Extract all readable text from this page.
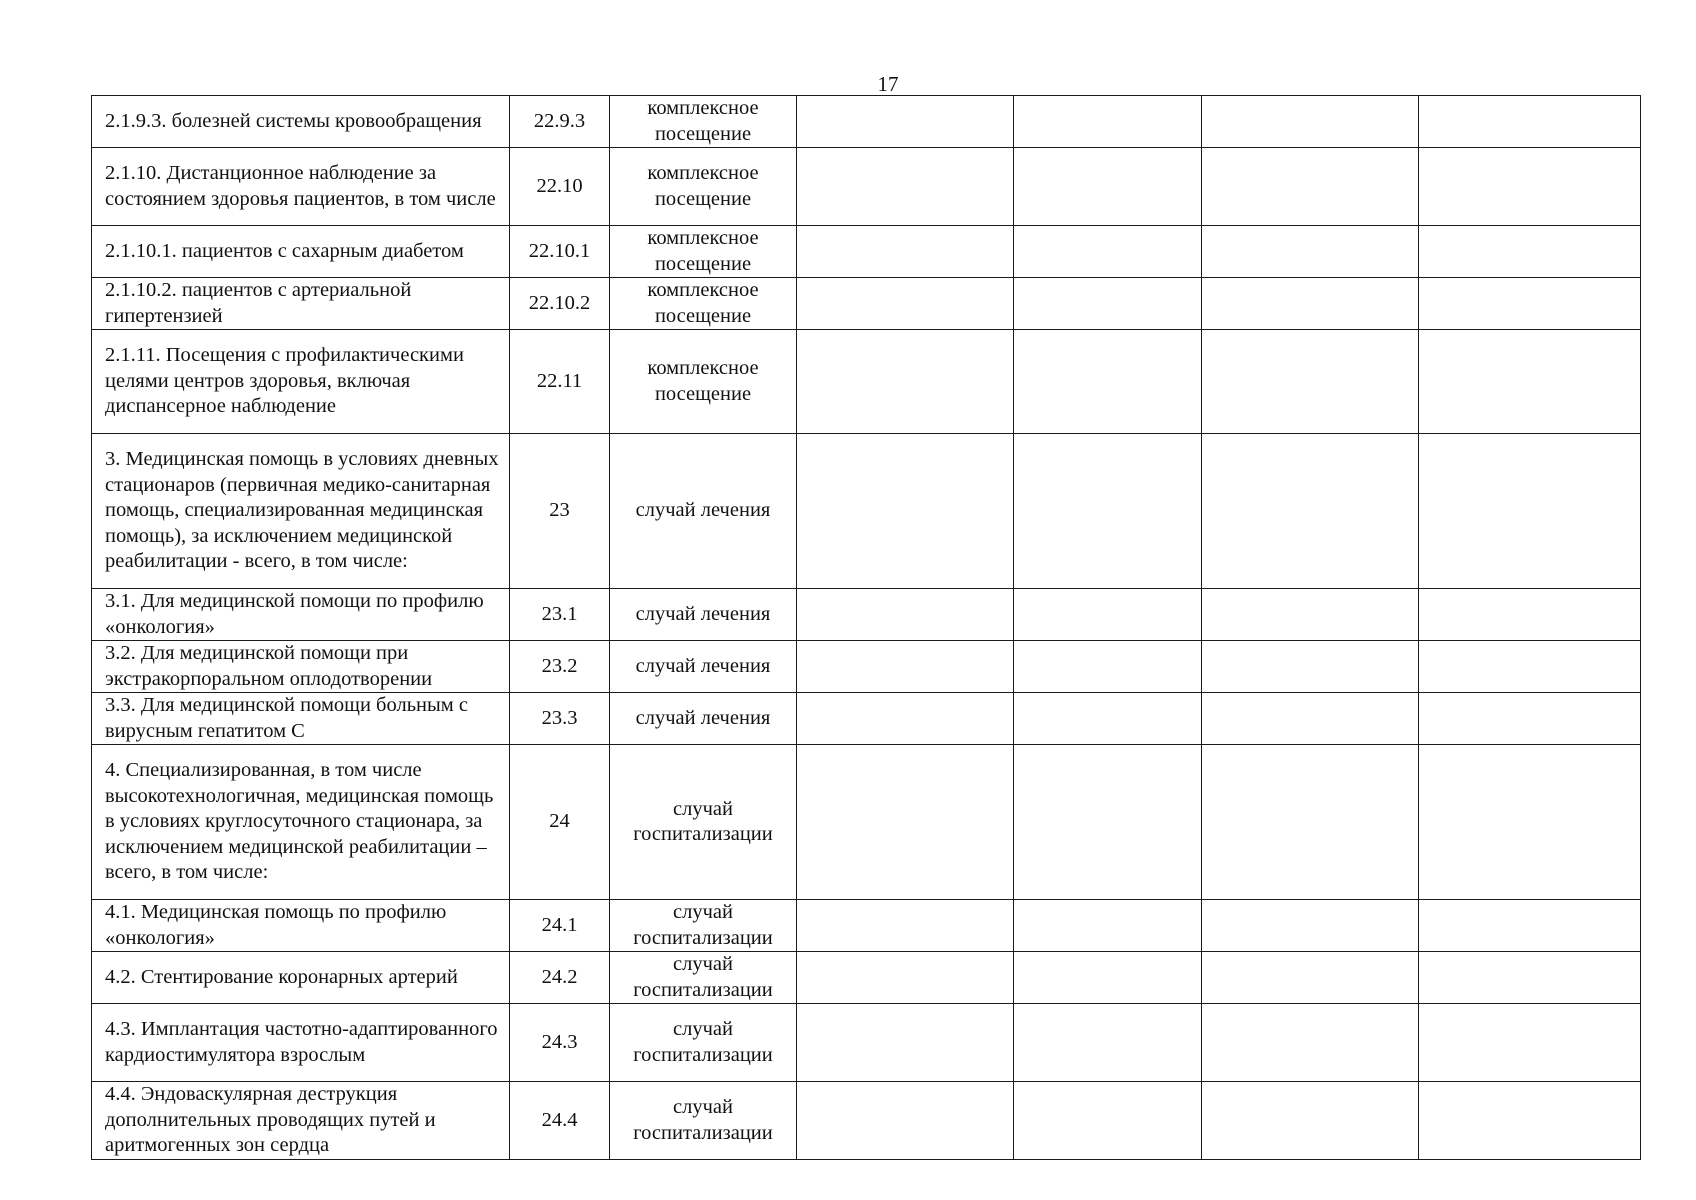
17
2.1.9.3. болезней системы кровообращения	22.9.3	комплексное посещение				
2.1.10. Дистанционное наблюдение за состоянием здоровья пациентов, в том числе	22.10	комплексное посещение				
2.1.10.1. пациентов с сахарным диабетом	22.10.1	комплексное посещение				
2.1.10.2. пациентов с артериальной гипертензией	22.10.2	комплексное посещение				
2.1.11. Посещения с профилактическими целями центров здоровья, включая диспансерное наблюдение	22.11	комплексное посещение				
3. Медицинская помощь в условиях дневных стационаров (первичная медико-санитарная помощь, специализированная медицинская помощь), за исключением медицинской реабилитации - всего, в том числе:	23	случай лечения				
3.1. Для медицинской помощи по профилю «онкология»	23.1	случай лечения				
3.2. Для медицинской помощи при экстракорпоральном оплодотворении	23.2	случай лечения				
3.3. Для медицинской помощи больным с вирусным гепатитом С	23.3	случай лечения				
4. Специализированная, в том числе высокотехнологичная, медицинская помощь в условиях круглосуточного стационара, за исключением медицинской реабилитации – всего, в том числе:	24	случай госпитализации				
4.1. Медицинская помощь по профилю «онкология»	24.1	случай госпитализации				
4.2. Стентирование коронарных артерий	24.2	случай госпитализации				
4.3. Имплантация частотно-адаптированного кардиостимулятора взрослым	24.3	случай госпитализации				
4.4. Эндоваскулярная деструкция дополнительных проводящих путей и аритмогенных зон сердца	24.4	случай госпитализации				
